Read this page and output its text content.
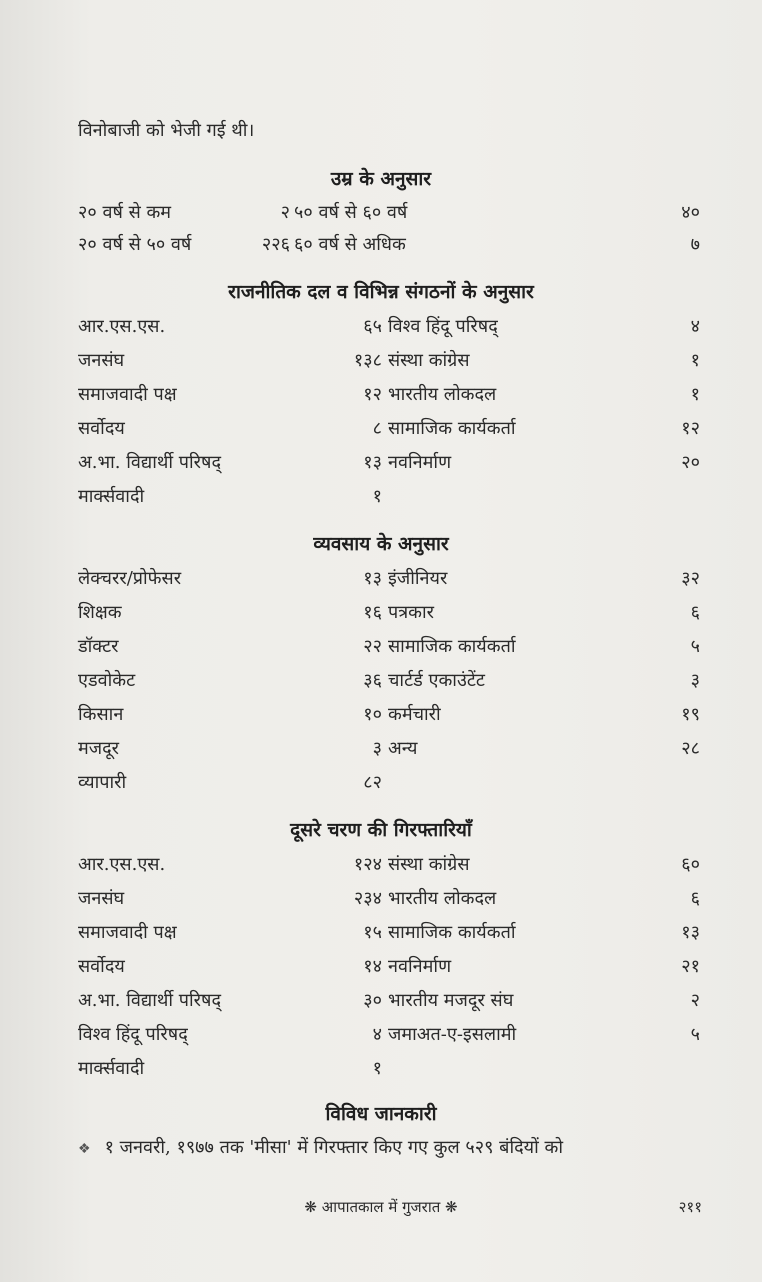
विनोबाजी को भेजी गई थी।
उम्र के अनुसार
२० वर्ष से कम	२ ५० वर्ष से ६० वर्ष	४०
२० वर्ष से ५० वर्ष	२२६ ६० वर्ष से अधिक	७
राजनीतिक दल व विभिन्न संगठनों के अनुसार
आर.एस.एस.	६५ विश्व हिंदू परिषद्	४
जनसंघ	१३८ संस्था कांग्रेस	१
समाजवादी पक्ष	१२ भारतीय लोकदल	१
सर्वोदय	८ सामाजिक कार्यकर्ता	१२
अ.भा. विद्यार्थी परिषद्	१३ नवनिर्माण	२०
मार्क्सवादी	१
व्यवसाय के अनुसार
लेक्चरर/प्रोफेसर	१३ इंजीनियर	३२
शिक्षक	१६ पत्रकार	६
डॉक्टर	२२ सामाजिक कार्यकर्ता	५
एडवोकेट	३६ चार्टर्ड एकाउंटेंट	३
किसान	१० कर्मचारी	१९
मजदूर	३ अन्य	२८
व्यापारी	८२
दूसरे चरण की गिरफ्तारियाँ
आर.एस.एस.	१२४ संस्था कांग्रेस	६०
जनसंघ	२३४ भारतीय लोकदल	६
समाजवादी पक्ष	१५ सामाजिक कार्यकर्ता	१३
सर्वोदय	१४ नवनिर्माण	२१
अ.भा. विद्यार्थी परिषद्	३० भारतीय मजदूर संघ	२
विश्व हिंदू परिषद्	४ जमाअत-ए-इसलामी	५
मार्क्सवादी	१
विविध जानकारी
❖ १ जनवरी, १९७७ तक 'मीसा' में गिरफ्तार किए गए कुल ५२९ बंदियों को
❋ आपातकाल में गुजरात ❋	२११
